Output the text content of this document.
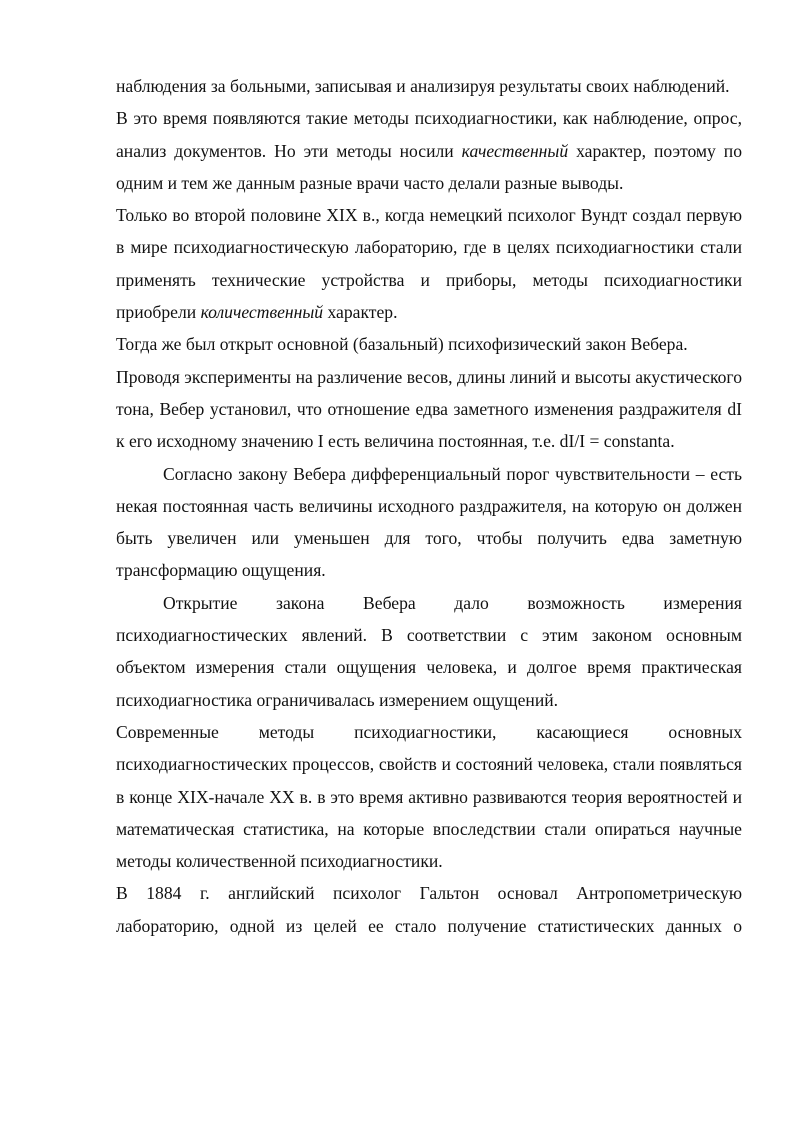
наблюдения за больными, записывая и анализируя результаты своих наблюдений.

В это время появляются такие методы психодиагностики, как наблюдение, опрос, анализ документов. Но эти методы носили качественный характер, поэтому по одним и тем же данным разные врачи часто делали разные выводы.

Только во второй половине XIX в., когда немецкий психолог Вундт создал первую в мире психодиагностическую лабораторию, где в целях психодиагностики стали применять технические устройства и приборы, методы психодиагностики приобрели количественный характер.

Тогда же был открыт основной (базальный) психофизический закон Вебера.

Проводя эксперименты на различение весов, длины линий и высоты акустического тона, Вебер установил, что отношение едва заметного изменения раздражителя dI к его исходному значению I есть величина постоянная, т.е. dI/I = constanta.

Согласно закону Вебера дифференциальный порог чувствительности – есть некая постоянная часть величины исходного раздражителя, на которую он должен быть увеличен или уменьшен для того, чтобы получить едва заметную трансформацию ощущения.

Открытие закона Вебера дало возможность измерения психодиагностических явлений. В соответствии с этим законом основным объектом измерения стали ощущения человека, и долгое время практическая психодиагностика ограничивалась измерением ощущений.

Современные методы психодиагностики, касающиеся основных психодиагностических процессов, свойств и состояний человека, стали появляться в конце XIX-начале XX в. в это время активно развиваются теория вероятностей и математическая статистика, на которые впоследствии стали опираться научные методы количественной психодиагностики.

В 1884 г. английский психолог Гальтон основал Антропометрическую лабораторию, одной из целей ее стало получение статистических данных о
